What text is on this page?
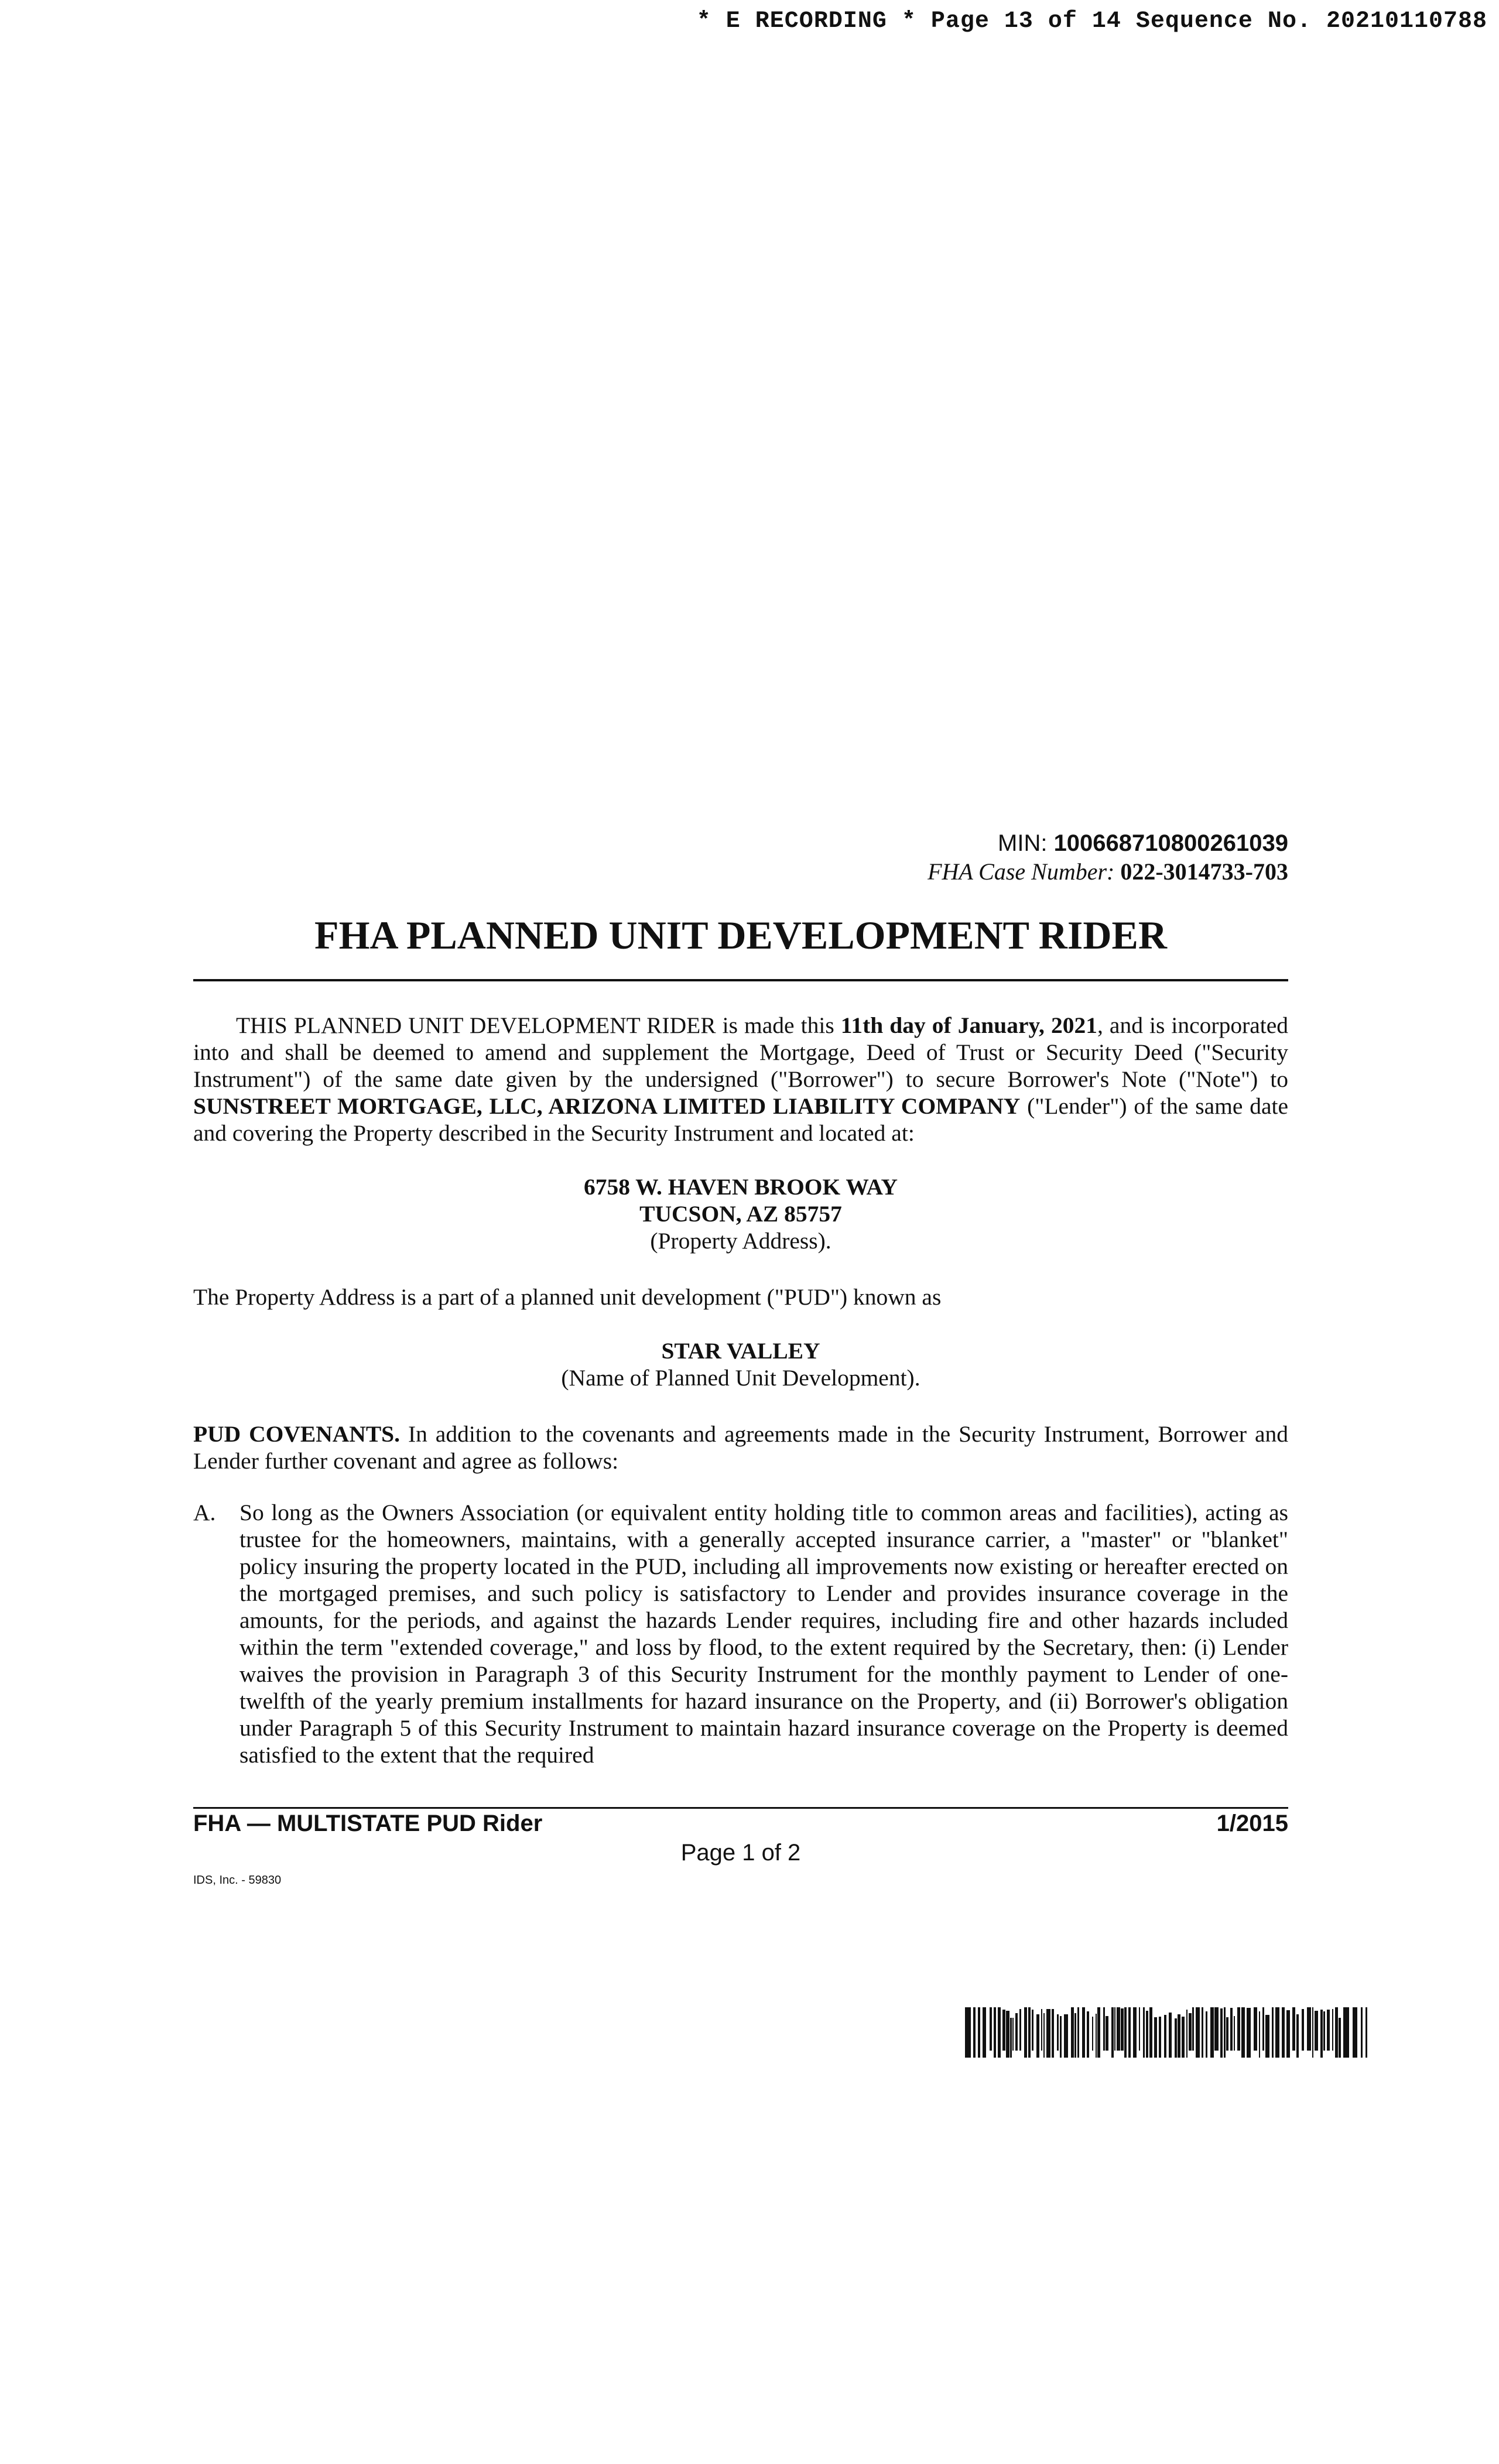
* E RECORDING * Page 13 of 14 Sequence No. 20210110788
MIN: 100668710800261039
FHA Case Number: 022-3014733-703
FHA PLANNED UNIT DEVELOPMENT RIDER
THIS PLANNED UNIT DEVELOPMENT RIDER is made this 11th day of January, 2021, and is incorporated into and shall be deemed to amend and supplement the Mortgage, Deed of Trust or Security Deed ("Security Instrument") of the same date given by the undersigned ("Borrower") to secure Borrower's Note ("Note") to SUNSTREET MORTGAGE, LLC, ARIZONA LIMITED LIABILITY COMPANY ("Lender") of the same date and covering the Property described in the Security Instrument and located at:
6758 W. HAVEN BROOK WAY
TUCSON, AZ 85757
(Property Address).
The Property Address is a part of a planned unit development ("PUD") known as
STAR VALLEY
(Name of Planned Unit Development).
PUD COVENANTS. In addition to the covenants and agreements made in the Security Instrument, Borrower and Lender further covenant and agree as follows:
A. So long as the Owners Association (or equivalent entity holding title to common areas and facilities), acting as trustee for the homeowners, maintains, with a generally accepted insurance carrier, a "master" or "blanket" policy insuring the property located in the PUD, including all improvements now existing or hereafter erected on the mortgaged premises, and such policy is satisfactory to Lender and provides insurance coverage in the amounts, for the periods, and against the hazards Lender requires, including fire and other hazards included within the term "extended coverage," and loss by flood, to the extent required by the Secretary, then: (i) Lender waives the provision in Paragraph 3 of this Security Instrument for the monthly payment to Lender of one-twelfth of the yearly premium installments for hazard insurance on the Property, and (ii) Borrower's obligation under Paragraph 5 of this Security Instrument to maintain hazard insurance coverage on the Property is deemed satisfied to the extent that the required
FHA — MULTISTATE PUD Rider	1/2015
Page 1 of 2
IDS, Inc. - 59830
